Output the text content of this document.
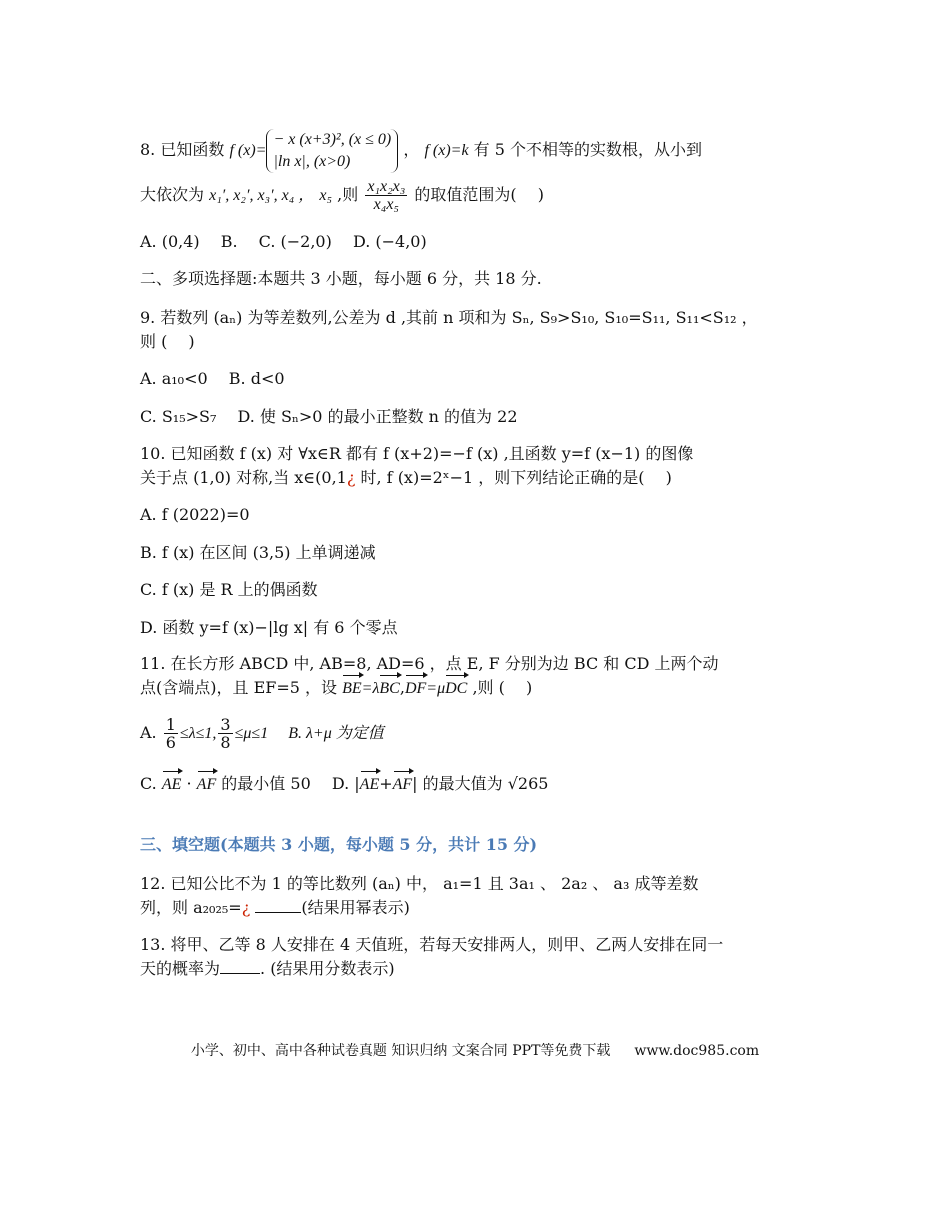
8. 已知函数 f (x)=
− x (x+3)², (x ≤ 0)
|ln x|, (x>0)
， f (x)=k 有 5 个不相等的实数根，从小到
大依次为 x₁′, x₂′, x₃′, x₄ ， x₅ ,则 $\frac{\text{x₁x₂x₃}}{\text{x₄x₅}}$ 的取值范围为(　 )
A. (0,4)　 B.　 C. (−2,0)　 D. (−4,0)
二、多项选择题:本题共 3 小题，每小题 6 分，共 18 分.
9. 若数列 (aₙ) 为等差数列,公差为 d ,其前 n 项和为 Sₙ, S₉>S₁₀, S₁₀=S₁₁, S₁₁<S₁₂ ，
则 (　 )
A. a₁₀<0　 B. d<0
C. S₁₅>S₇　 D. 使 Sₙ>0 的最小正整数 n 的值为 22
10. 已知函数 f (x) 对 ∀x∈R 都有 f (x+2)=−f (x) ,且函数 y=f (x−1) 的图像
关于点 (1,0) 对称,当 x∈(0,1¿ 时, f (x)=2ˣ−1 ，则下列结论正确的是(　 )
A. f (2022)=0
B. f (x) 在区间 (3,5) 上单调递减
C. f (x) 是 R 上的偶函数
D. 函数 y=f (x)−|lg x| 有 6 个零点
11. 在长方形 ABCD 中, AB=8, AD=6 ，点 E, F 分别为边 BC 和 CD 上两个动
点(含端点)，且 EF=5 ，设 BE=λBC,DF=μDC ,则 (　 )
A. $\frac{1}{6} \le\lambda\le 1$, $\frac{3}{8} \le\mu\le 1$　 B. λ+μ 为定值
C. AE · AF 的最小值 50　 D. |AE+AF| 的最大值为 √265
三、填空题(本题共 3 小题，每小题 5 分，共计 15 分)
12. 已知公比不为 1 的等比数列 (aₙ) 中， a₁=1 且 3a₁ 、 2a₂ 、 a₃ 成等差数
列，则 a₂₀₂₅=¿	(结果用幂表示)
13. 将甲、乙等 8 人安排在 4 天值班，若每天安排两人，则甲、乙两人安排在同一
天的概率为	. (结果用分数表示)
小学、初中、高中各种试卷真题 知识归纳 文案合同 PPT等免费下载 www.doc985.com
